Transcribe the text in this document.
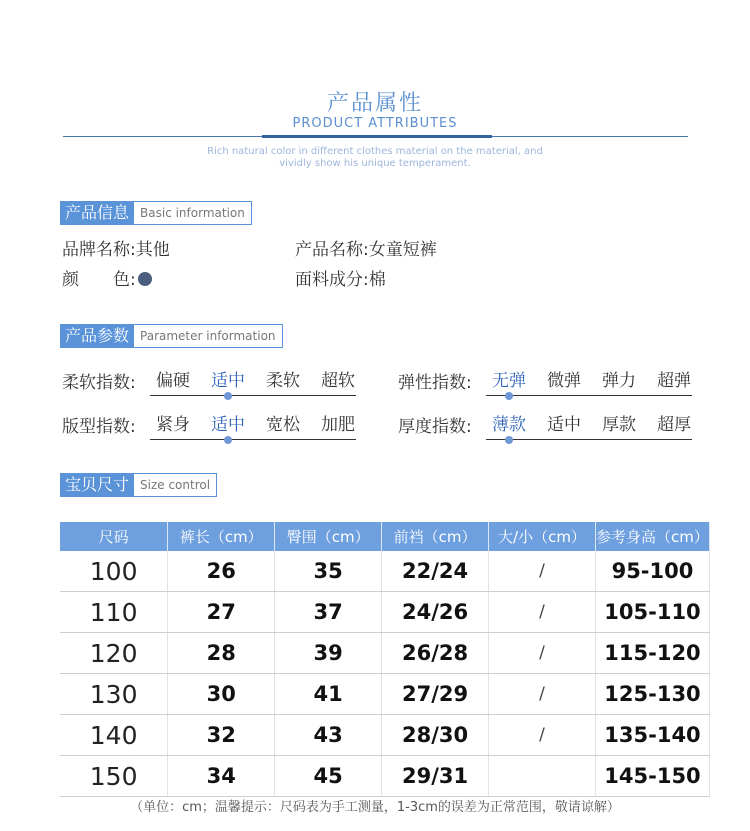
产品属性
PRODUCT ATTRIBUTES
Rich natural color in different clothes material on the material, and
vividly show his unique temperament.
产品信息 Basic information
品牌名称:其他	产品名称:女童短裤
颜　　色:	面料成分:棉
产品参数 Parameter information
柔软指数:	偏硬	适中	柔软	超软	弹性指数:	无弹	微弹	弹力	超弹
版型指数:	紧身	适中	宽松	加肥	厚度指数:	薄款	适中	厚款	超厚
宝贝尺寸 Size control
尺码	裤长（cm）	臀围（cm）	前裆（cm）	大/小（cm）	参考身高（cm）
100	26	35	22/24	/	95-100
110	27	37	24/26	/	105-110
120	28	39	26/28	/	115-120
130	30	41	27/29	/	125-130
140	32	43	28/30	/	135-140
150	34	45	29/31		145-150
（单位：cm；温馨提示：尺码表为手工测量，1-3cm的误差为正常范围，敬请谅解）
